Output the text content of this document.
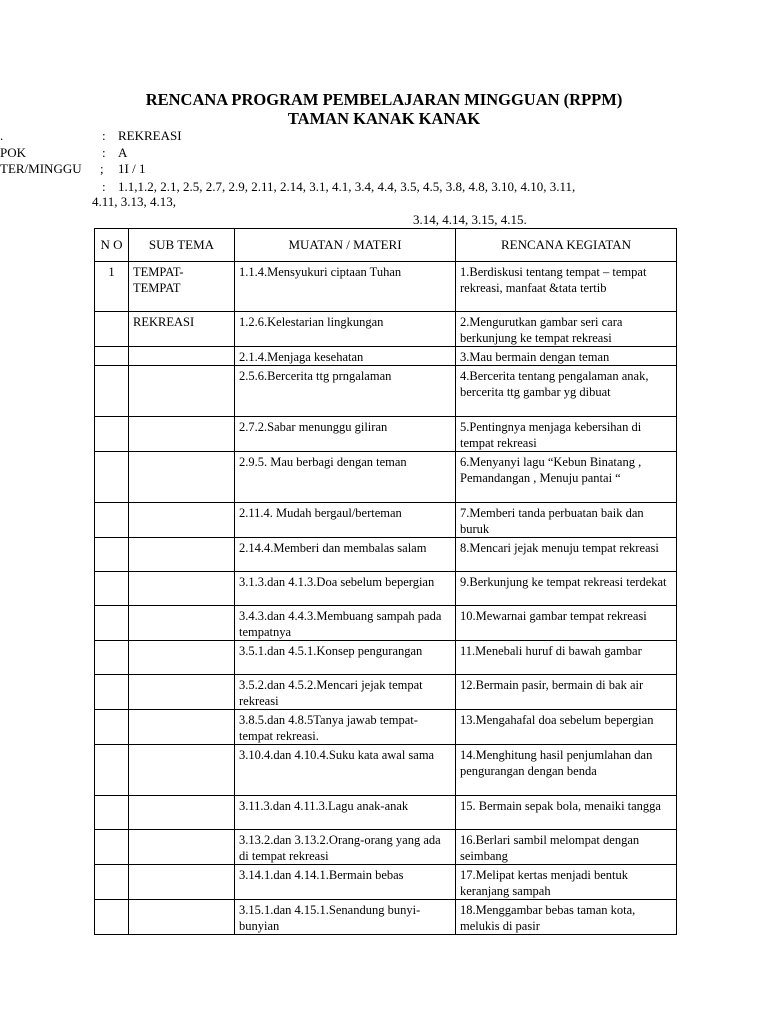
RENCANA PROGRAM PEMBELAJARAN MINGGUAN (RPPM)
TAMAN KANAK KANAK
.	: REKREASI
POK	: A
TER/MINGGU ; 1I / 1
: 1.1,1.2, 2.1, 2.5, 2.7, 2.9, 2.11, 2.14, 3.1, 4.1, 3.4, 4.4, 3.5, 4.5, 3.8, 4.8, 3.10, 4.10, 3.11,
4.11, 3.13, 4.13,
3.14, 4.14, 3.15, 4.15.
N O	SUB TEMA	MUATAN / MATERI	RENCANA KEGIATAN
1	TEMPAT-TEMPAT	1.1.4.Mensyukuri ciptaan Tuhan	1.Berdiskusi tentang tempat – tempat rekreasi, manfaat &tata tertib
	REKREASI	1.2.6.Kelestarian lingkungan	2.Mengurutkan gambar seri cara berkunjung ke tempat rekreasi
		2.1.4.Menjaga kesehatan	3.Mau bermain dengan teman
		2.5.6.Bercerita ttg prngalaman	4.Bercerita tentang pengalaman anak, bercerita ttg gambar yg dibuat
		2.7.2.Sabar menunggu giliran	5.Pentingnya menjaga kebersihan di tempat rekreasi
		2.9.5. Mau berbagi dengan teman	6.Menyanyi lagu “Kebun Binatang , Pemandangan , Menuju pantai “
		2.11.4. Mudah bergaul/berteman	7.Memberi tanda perbuatan baik dan buruk
		2.14.4.Memberi dan membalas salam	8.Mencari jejak menuju tempat rekreasi
		3.1.3.dan 4.1.3.Doa sebelum bepergian	9.Berkunjung ke tempat rekreasi terdekat
		3.4.3.dan 4.4.3.Membuang sampah pada tempatnya	10.Mewarnai gambar tempat rekreasi
		3.5.1.dan 4.5.1.Konsep pengurangan	11.Menebali huruf di bawah gambar
		3.5.2.dan 4.5.2.Mencari jejak tempat rekreasi	12.Bermain pasir, bermain di bak air
		3.8.5.dan 4.8.5Tanya jawab tempat-tempat rekreasi.	13.Mengahafal doa sebelum bepergian
		3.10.4.dan 4.10.4.Suku kata awal sama	14.Menghitung hasil penjumlahan dan pengurangan dengan benda
		3.11.3.dan 4.11.3.Lagu anak-anak	15. Bermain sepak bola, menaiki tangga
		3.13.2.dan 3.13.2.Orang-orang yang ada di tempat rekreasi	16.Berlari sambil melompat dengan seimbang
		3.14.1.dan 4.14.1.Bermain bebas	17.Melipat kertas menjadi bentuk keranjang sampah
		3.15.1.dan 4.15.1.Senandung bunyi-bunyian	18.Menggambar bebas taman kota, melukis di pasir
